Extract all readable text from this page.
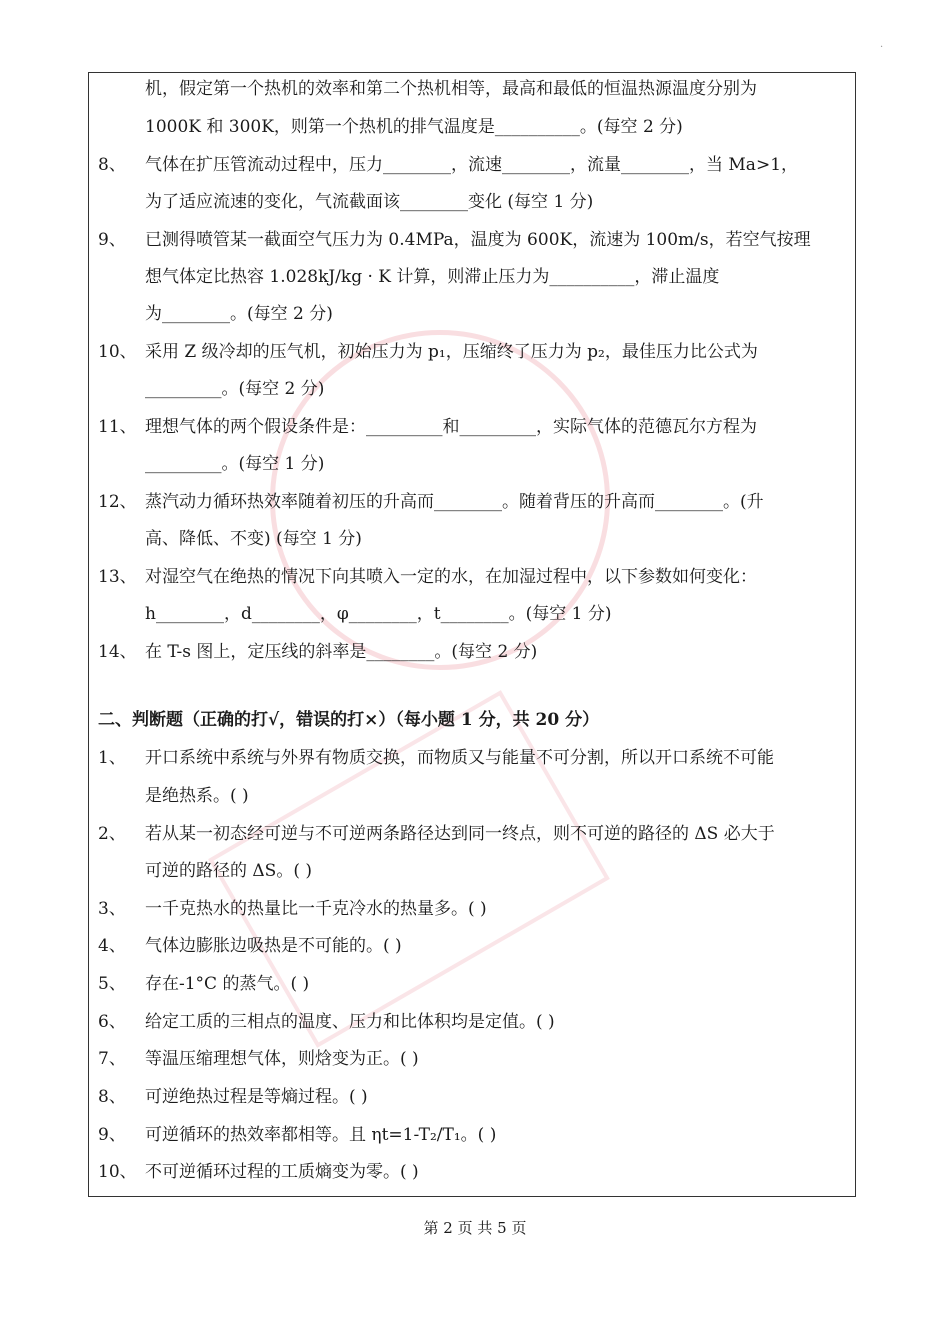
·
机，假定第一个热机的效率和第二个热机相等，最高和最低的恒温热源温度分别为
1000K 和 300K，则第一个热机的排气温度是__________。(每空 2 分)
8、 气体在扩压管流动过程中，压力________，流速________，流量________，当 Ma>1，
为了适应流速的变化，气流截面该________变化 (每空 1 分)
9、 已测得喷管某一截面空气压力为 0.4MPa，温度为 600K，流速为 100m/s，若空气按理
想气体定比热容 1.028kJ/kg · K 计算，则滞止压力为__________，滞止温度
为________。(每空 2 分)
10、 采用 Z 级冷却的压气机，初始压力为 p₁，压缩终了压力为 p₂，最佳压力比公式为
_________。(每空 2 分)
11、 理想气体的两个假设条件是：_________和_________，实际气体的范德瓦尔方程为
_________。(每空 1 分)
12、 蒸汽动力循环热效率随着初压的升高而________。随着背压的升高而________。(升
高、降低、不变) (每空 1 分)
13、 对湿空气在绝热的情况下向其喷入一定的水，在加湿过程中，以下参数如何变化：
h________，d________，φ________，t________。(每空 1 分)
14、 在 T-s 图上，定压线的斜率是________。(每空 2 分)
1、 开口系统中系统与外界有物质交换，而物质又与能量不可分割，所以开口系统不可能
是绝热系。( )
2、 若从某一初态经可逆与不可逆两条路径达到同一终点，则不可逆的路径的 ΔS 必大于
可逆的路径的 ΔS。( )
3、 一千克热水的热量比一千克冷水的热量多。( )
4、 气体边膨胀边吸热是不可能的。( )
5、 存在-1°C 的蒸气。( )
6、 给定工质的三相点的温度、压力和比体积均是定值。( )
7、 等温压缩理想气体，则焓变为正。( )
8、 可逆绝热过程是等熵过程。( )
9、 可逆循环的热效率都相等。且 ηt=1-T₂/T₁。( )
10、 不可逆循环过程的工质熵变为零。( )
二、判断题（正确的打√，错误的打×）（每小题 1 分，共 20 分）
第 2 页 共 5 页
